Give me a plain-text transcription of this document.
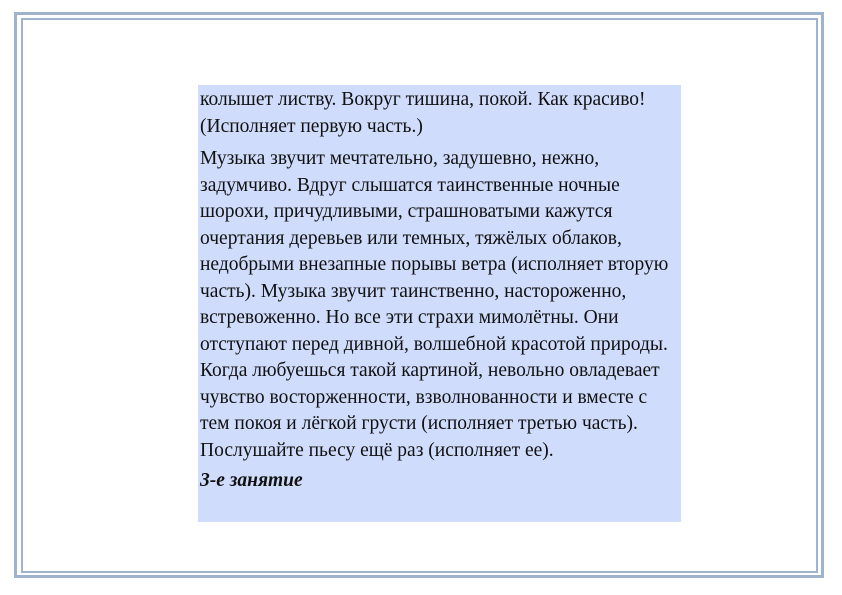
колышет листву. Вокруг тишина, покой. Как красиво! (Исполняет первую часть.)

Музыка звучит мечтательно, задушевно, нежно, задумчиво. Вдруг слышатся таинственные ночные шорохи, причудливыми, страшноватыми кажутся очертания деревьев или темных, тяжёлых облаков, недобрыми внезапные порывы ветра (исполняет вторую часть). Музыка звучит таинственно, настороженно, встревоженно. Но все эти страхи мимолётны. Они отступают перед дивной, волшебной красотой природы. Когда любуешься такой картиной, невольно овладевает чувство восторженности, взволнованности и вместе с тем покоя и лёгкой грусти (исполняет третью часть). Послушайте пьесу ещё раз (исполняет ее).

3-е занятие
